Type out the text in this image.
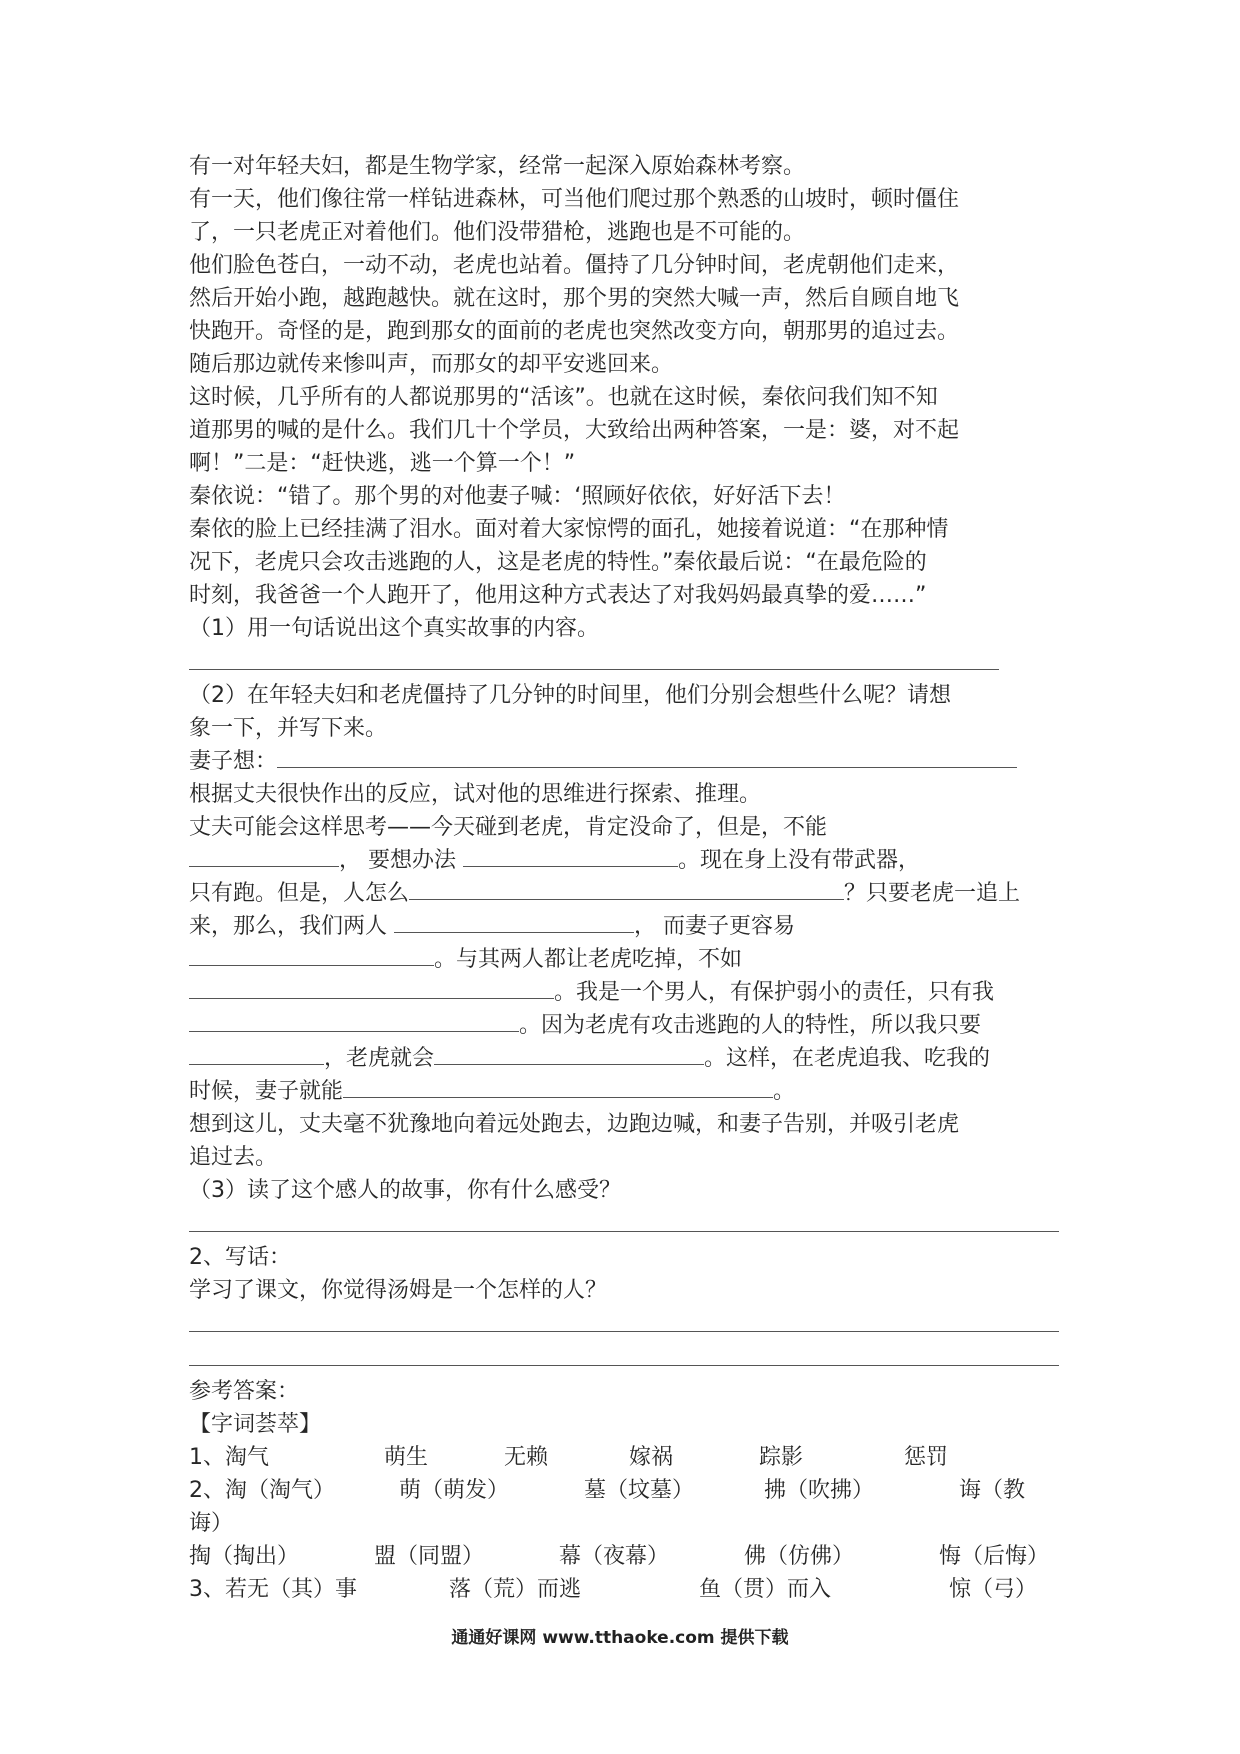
有一对年轻夫妇，都是生物学家，经常一起深入原始森林考察。
有一天，他们像往常一样钻进森林，可当他们爬过那个熟悉的山坡时，顿时僵住
了，一只老虎正对着他们。他们没带猎枪，逃跑也是不可能的。
他们脸色苍白，一动不动，老虎也站着。僵持了几分钟时间，老虎朝他们走来，
然后开始小跑，越跑越快。就在这时，那个男的突然大喊一声，然后自顾自地飞
快跑开。奇怪的是，跑到那女的面前的老虎也突然改变方向，朝那男的追过去。
随后那边就传来惨叫声，而那女的却平安逃回来。
这时候，几乎所有的人都说那男的“活该”。也就在这时候，秦依问我们知不知
道那男的喊的是什么。我们几十个学员，大致给出两种答案，一是：婆，对不起
啊！”二是：“赶快逃，逃一个算一个！”
秦依说：“错了。那个男的对他妻子喊：‘照顾好依依，好好活下去！
秦依的脸上已经挂满了泪水。面对着大家惊愕的面孔，她接着说道：“在那种情
况下，老虎只会攻击逃跑的人，这是老虎的特性。”秦依最后说：“在最危险的
时刻，我爸爸一个人跑开了，他用这种方式表达了对我妈妈最真挚的爱……”
（1）用一句话说出这个真实故事的内容。
（2）在年轻夫妇和老虎僵持了几分钟的时间里，他们分别会想些什么呢？请想
象一下，并写下来。
妻子想：
根据丈夫很快作出的反应，试对他的思维进行探索、推理。
丈夫可能会这样思考——今天碰到老虎，肯定没命了，但是，不能
， 要想办法	。现在身上没有带武器，
只有跑。但是，人怎么	？只要老虎一追上
来，那么，我们两人	， 而妻子更容易
。与其两人都让老虎吃掉，不如
。我是一个男人，有保护弱小的责任，只有我
。因为老虎有攻击逃跑的人的特性，所以我只要
，老虎就会	。这样，在老虎追我、吃我的
时候，妻子就能	。
想到这儿，丈夫毫不犹豫地向着远处跑去，边跑边喊，和妻子告别，并吸引老虎
追过去。
（3）读了这个感人的故事，你有什么感受？
2、写话：
学习了课文，你觉得汤姆是一个怎样的人？
参考答案：
【字词荟萃】
1、淘气	萌生	无赖	嫁祸	踪影	惩罚
2、淘（淘气）	萌（萌发）	墓（坟墓）	拂（吹拂）	诲（教
诲）
掏（掏出）	盟（同盟）	幕（夜幕）	佛（仿佛）	悔（后悔）
3、若无（其）事	落（荒）而逃	鱼（贯）而入	惊（弓）
通通好课网 www.tthaoke.com 提供下载
